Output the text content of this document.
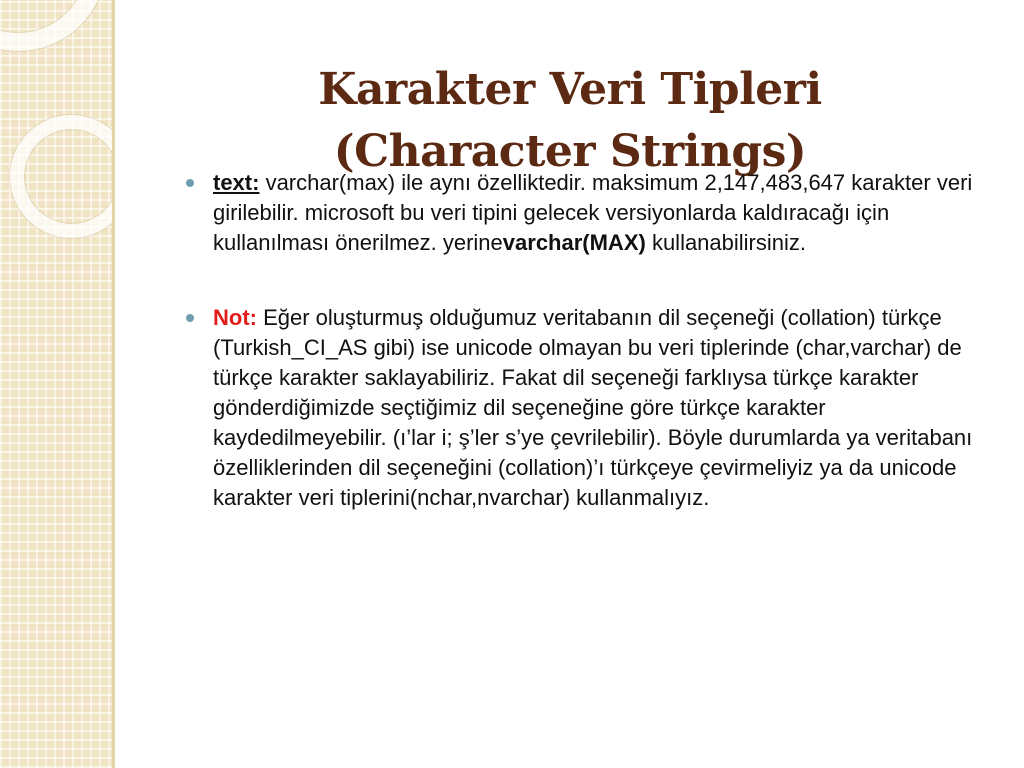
Karakter Veri Tipleri
(Character Strings)

text: varchar(max) ile aynı özelliktedir. maksimum 2,147,483,647 karakter veri girilebilir. microsoft bu veri tipini gelecek versiyonlarda kaldıracağı için kullanılması önerilmez. yerinevarchar(MAX) kullanabilirsiniz.

Not: Eğer oluşturmuş olduğumuz veritabanın dil seçeneği (collation) türkçe (Turkish_CI_AS gibi) ise unicode olmayan bu veri tiplerinde (char,varchar) de türkçe karakter saklayabiliriz. Fakat dil seçeneği farklıysa türkçe karakter gönderdiğimizde seçtiğimiz dil seçeneğine göre türkçe karakter kaydedilmeyebilir. (ı’lar i; ş’ler s’ye çevrilebilir). Böyle durumlarda ya veritabanı özelliklerinden dil seçeneğini (collation)’ı türkçeye çevirmeliyiz ya da unicode karakter veri tiplerini(nchar,nvarchar) kullanmalıyız.
